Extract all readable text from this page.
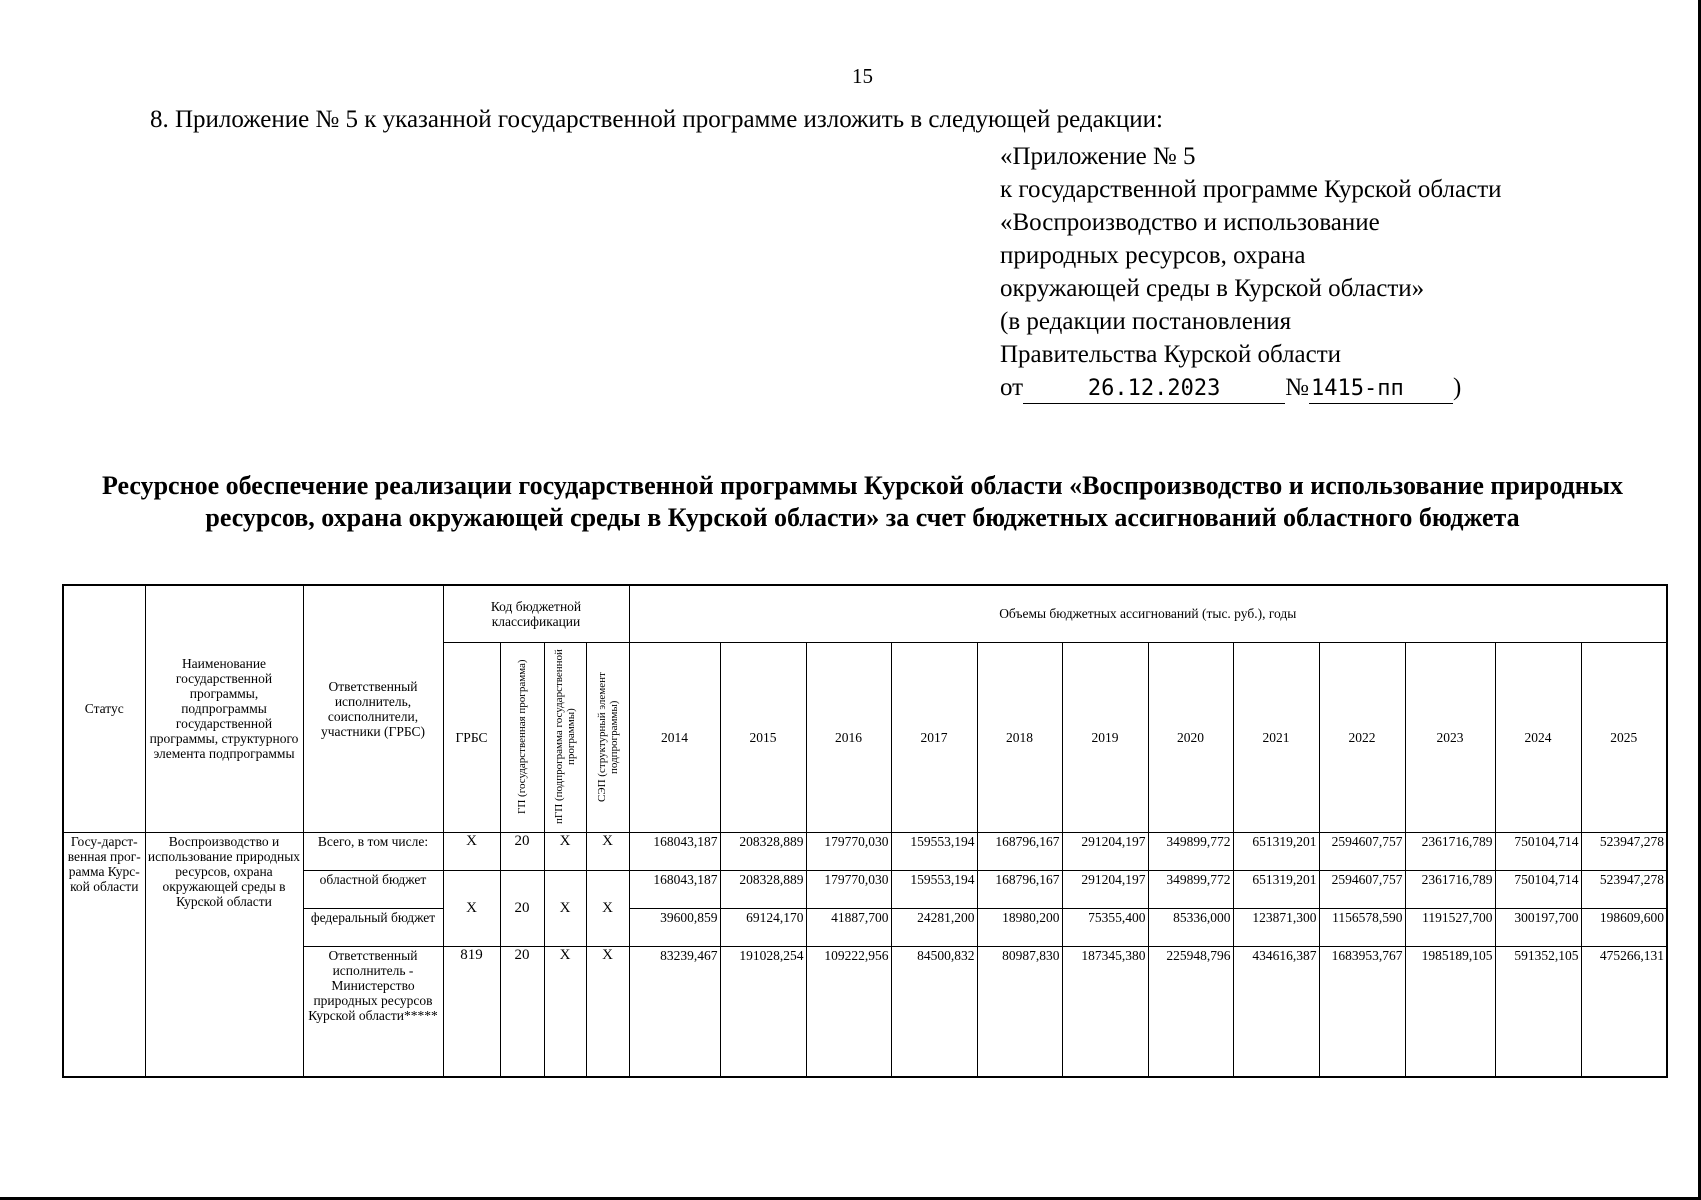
15
8. Приложение № 5 к указанной государственной программе изложить в следующей редакции:
«Приложение № 5
к государственной программе Курской области
«Воспроизводство и использование
природных ресурсов, охрана
окружающей среды в Курской области»
(в редакции постановления
Правительства Курской области
от	26.12.2023	№1415-пп )
Ресурсное обеспечение реализации государственной программы Курской области «Воспроизводство и использование природных ресурсов, охрана окружающей среды в Курской области» за счет бюджетных ассигнований областного бюджета
Статус	Наименование государственной программы, подпрограммы государственной программы, структурного элемента подпрограммы	Ответственный исполнитель, соисполнители, участники (ГРБС)	Код бюджетной классификации				Объемы бюджетных ассигнований (тыс. руб.), годы											
			ГРБС	ГП (государственная программа)	пГП (подпрограмма государственной программы)	СЭП (структурный элемент подпрограммы)	2014	2015	2016	2017	2018	2019	2020	2021	2022	2023	2024	2025
Госу-дарст-венная прог-рамма Курс-кой области	Воспроизводство и использование природных ресурсов, охрана окружающей среды в Курской области	Всего, в том числе:	Х	20	Х	Х	168043,187	208328,889	179770,030	159553,194	168796,167	291204,197	349899,772	651319,201	2594607,757	2361716,789	750104,714	523947,278
		областной бюджет	Х	20	Х	Х	168043,187	208328,889	179770,030	159553,194	168796,167	291204,197	349899,772	651319,201	2594607,757	2361716,789	750104,714	523947,278
		федеральный бюджет					39600,859	69124,170	41887,700	24281,200	18980,200	75355,400	85336,000	123871,300	1156578,590	1191527,700	300197,700	198609,600
		Ответственный исполнитель - Министерство природных ресурсов Курской области*****	819	20	Х	Х	83239,467	191028,254	109222,956	84500,832	80987,830	187345,380	225948,796	434616,387	1683953,767	1985189,105	591352,105	475266,131
